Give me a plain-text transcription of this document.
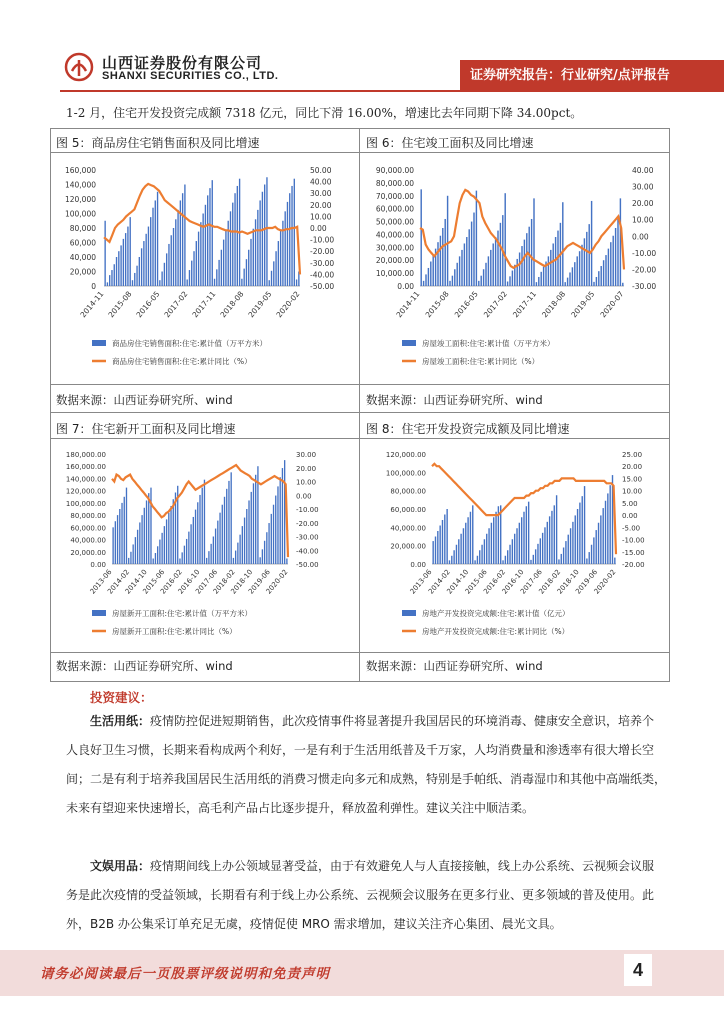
山西证券股份有限公司
SHANXI SECURITIES CO., LTD.	证券研究报告：行业研究/点评报告
1-2 月，住宅开发投资完成额 7318 亿元，同比下滑 16.00%，增速比去年同期下降 34.00pct。
图 5：商品房住宅销售面积及同比增速	图 6：住宅竣工面积及同比增速
图 7：住宅新开工面积及同比增速	图 8：住宅开发投资完成额及同比增速
160,000
140,000
120,000
100,000
80,000
60,000
40,000
20,000
0
50.00
40.00
30.00
20.00
10.00
0.00
-10.00
-20.00
-30.00
-40.00
-50.00
2014-11 2015-08 2016-05 2017-02 2017-11 2018-08 2019-05 2020-02
商品房住宅销售面积:住宅:累计值（万平方米）
商品房住宅销售面积:住宅:累计同比（%）
90,000.00
80,000.00
70,000.00
60,000.00
50,000.00
40,000.00
30,000.00
20,000.00
10,000.00
0.00
40.00
30.00
20.00
10.00
0.00
-10.00
-20.00
-30.00
2014-11 2015-08 2016-05 2017-02 2017-11 2018-08 2019-05 2020-07
房屋竣工面积:住宅:累计值（万平方米）
房屋竣工面积:住宅:累计同比（%）
180,000.00
160,000.00
140,000.00
120,000.00
100,000.00
80,000.00
60,000.00
40,000.00
20,000.00
0.00
30.00
20.00
10.00
0.00
-10.00
-20.00
-30.00
-40.00
-50.00
2013-06
2014-02
2014-10
2015-06
2016-02
2016-10
2017-06
2018-02
2018-10
2019-06
2020-02
房屋新开工面积:住宅:累计值（万平方米）
房屋新开工面积:住宅:累计同比（%）
120,000.00
100,000.00
80,000.00
60,000.00
40,000.00
20,000.00
0.00
25.00
20.00
15.00
10.00
5.00
0.00
-5.00
-10.00
-15.00
-20.00
2013-06
2014-02
2014-10
2015-06
2016-02
2016-10
2017-06
2018-02
2018-10
2019-06
2020-02
房地产开发投资完成额:住宅:累计值（亿元）
房地产开发投资完成额:住宅:累计同比（%）
数据来源：山西证券研究所、wind	数据来源：山西证券研究所、wind
数据来源：山西证券研究所、wind	数据来源：山西证券研究所、wind
投资建议：
生活用纸：疫情防控促进短期销售，此次疫情事件将显著提升我国居民的环境消毒、健康安全意识，培养个人良好卫生习惯，长期来看构成两个利好，一是有利于生活用纸普及千万家，人均消费量和渗透率有很大增长空间；二是有利于培养我国居民生活用纸的消费习惯走向多元和成熟，特别是手帕纸、消毒湿巾和其他中高端纸类，未来有望迎来快速增长，高毛利产品占比逐步提升，释放盈利弹性。建议关注中顺洁柔。
文娱用品：疫情期间线上办公领域显著受益，由于有效避免人与人直接接触，线上办公系统、云视频会议服务是此次疫情的受益领域，长期看有利于线上办公系统、云视频会议服务在更多行业、更多领域的普及使用。此外，B2B 办公集采订单充足无虞，疫情促使 MRO 需求增加，建议关注齐心集团、晨光文具。
请务必阅读最后一页股票评级说明和免责声明	4
